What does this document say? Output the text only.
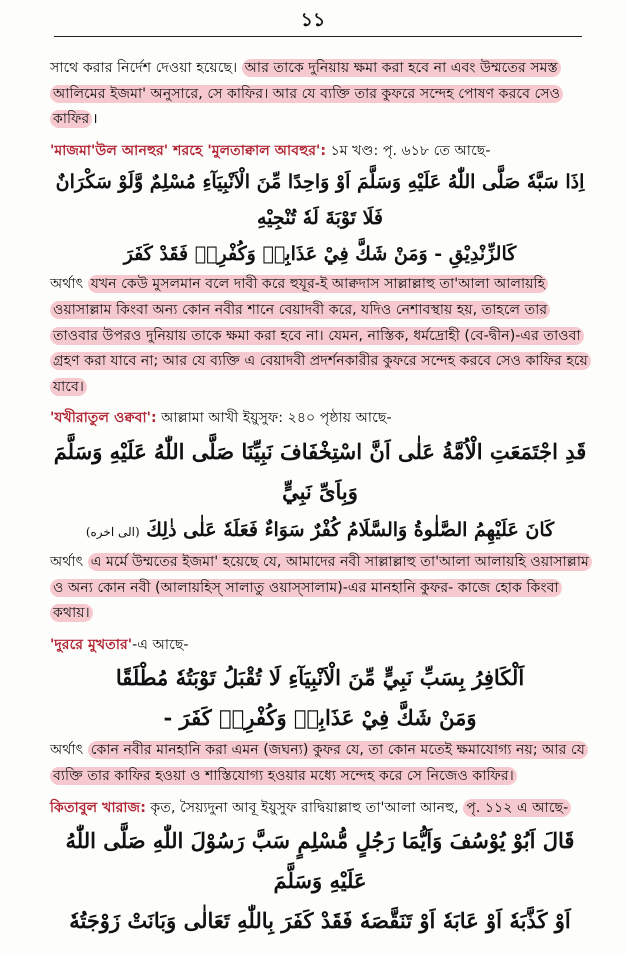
১১

সাথে করার নির্দেশ দেওয়া হয়েছে। আর তাকে দুনিয়ায় ক্ষমা করা হবে না এবং উম্মতের সমস্ত আলিমের ইজমা' অনুসারে, সে কাফির। আর যে ব্যক্তি তার কুফরে সন্দেহ পোষণ করবে সেও কাফির ।

'মাজমা'উল আনহুর' শরহে 'মুলতাক্বাল আবহুর': ১ম খণ্ড: পৃ. ৬১৮ তে আছে-

اِذَا سَبَّهٗ صَلَّى اللّٰهُ عَلَيْهِ وَسَلَّمَ اَوْ وَاحِدًا مِّنَ الْاَنْبِيَآءِ مُسْلِمٌ وَّلَوْ سَكْرَانٌ فَلَا تَوْبَةَ لَهٗ تُنْجِيْهِ

كَالزِّنْدِيْقِ - وَمَنْ شَكَّ فِيْ عَذَابِهٖ وَكُفْرِهٖ فَقَدْ كَفَرَ

অর্থাৎ যখন কেউ মুসলমান বলে দাবী করে হুযূর-ই আক্বদাস সাল্লাল্লাহু তা'আলা আলায়হি ওয়াসাল্লাম কিংবা অন্য কোন নবীর শানে বেয়াদবী করে, যদিও নেশাবস্থায় হয়, তাহলে তার তাওবার উপরও দুনিয়ায় তাকে ক্ষমা করা হবে না। যেমন, নাস্তিক, ধর্মদ্রোহী (বে-দ্বীন)-এর তাওবা গ্রহণ করা যাবে না; আর যে ব্যক্তি এ বেয়াদবী প্রদর্শনকারীর কুফরে সন্দেহ করবে সেও কাফির হয়ে যাবে।

'যখীরাতুল ওক্ববা': আল্লামা আখী ইয়ুসুফ: ২৪০ পৃষ্ঠায় আছে-

قَدِ اجْتَمَعَتِ الْاُمَّةُ عَلٰى اَنَّ اسْتِخْفَافَ نَبِيِّنَا صَلَّى اللّٰهُ عَلَيْهِ وَسَلَّمَ وَبِاَىِّ نَبِيٍّ

كَانَ عَلَيْهِمُ الصَّلٰوةُ وَالسَّلَامُ كُفْرٌ سَوَاءٌ فَعَلَهٗ عَلٰى ذٰلِكَ (الى اخره)

অর্থাৎ এ মর্মে উম্মতের ইজমা' হয়েছে যে, আমাদের নবী সাল্লাল্লাহু তা'আলা আলায়হি ওয়াসাল্লাম ও অন্য কোন নবী (আলায়হিস্ সালাতু ওয়াস্সালাম)-এর মানহানি কুফর- কাজে হোক কিংবা কথায়।

'দুররে মুখতার'-এ আছে-

اَلْكَافِرُ بِسَبِّ نَبِيٍّ مِّنَ الْاَنْبِيَآءِ لَا تُقْبَلُ تَوْبَتُهٗ مُطْلَقًا

وَمَنْ شَكَّ فِيْ عَذَابِهٖ وَكُفْرِهٖ كَفَرَ -

অর্থাৎ কোন নবীর মানহানি করা এমন (জঘন্য) কুফর যে, তা কোন মতেই ক্ষমাযোগ্য নয়; আর যে ব্যক্তি তার কাফির হওয়া ও শাস্তিযোগ্য হওয়ার মধ্যে সন্দেহ করে সে নিজেও কাফির।

কিতাবুল খারাজ: কৃত, সৈয়্যদুনা আবূ ইয়ুসুফ রাদ্বিয়াল্লাহু তা'আলা আনহু, পৃ. ১১২ এ আছে-

قَالَ اَبُوْ يُوْسُفَ وَاَيُّمَا رَجُلٍ مُّسْلِمٍ سَبَّ رَسُوْلَ اللّٰهِ صَلَّى اللّٰهُ عَلَيْهِ وَسَلَّمَ

اَوْ كَذَّبَهٗ اَوْ عَابَهٗ اَوْ تَنَقَّصَهٗ فَقَدْ كَفَرَ بِاللّٰهِ تَعَالٰى وَبَانَتْ زَوْجَتُهٗ
